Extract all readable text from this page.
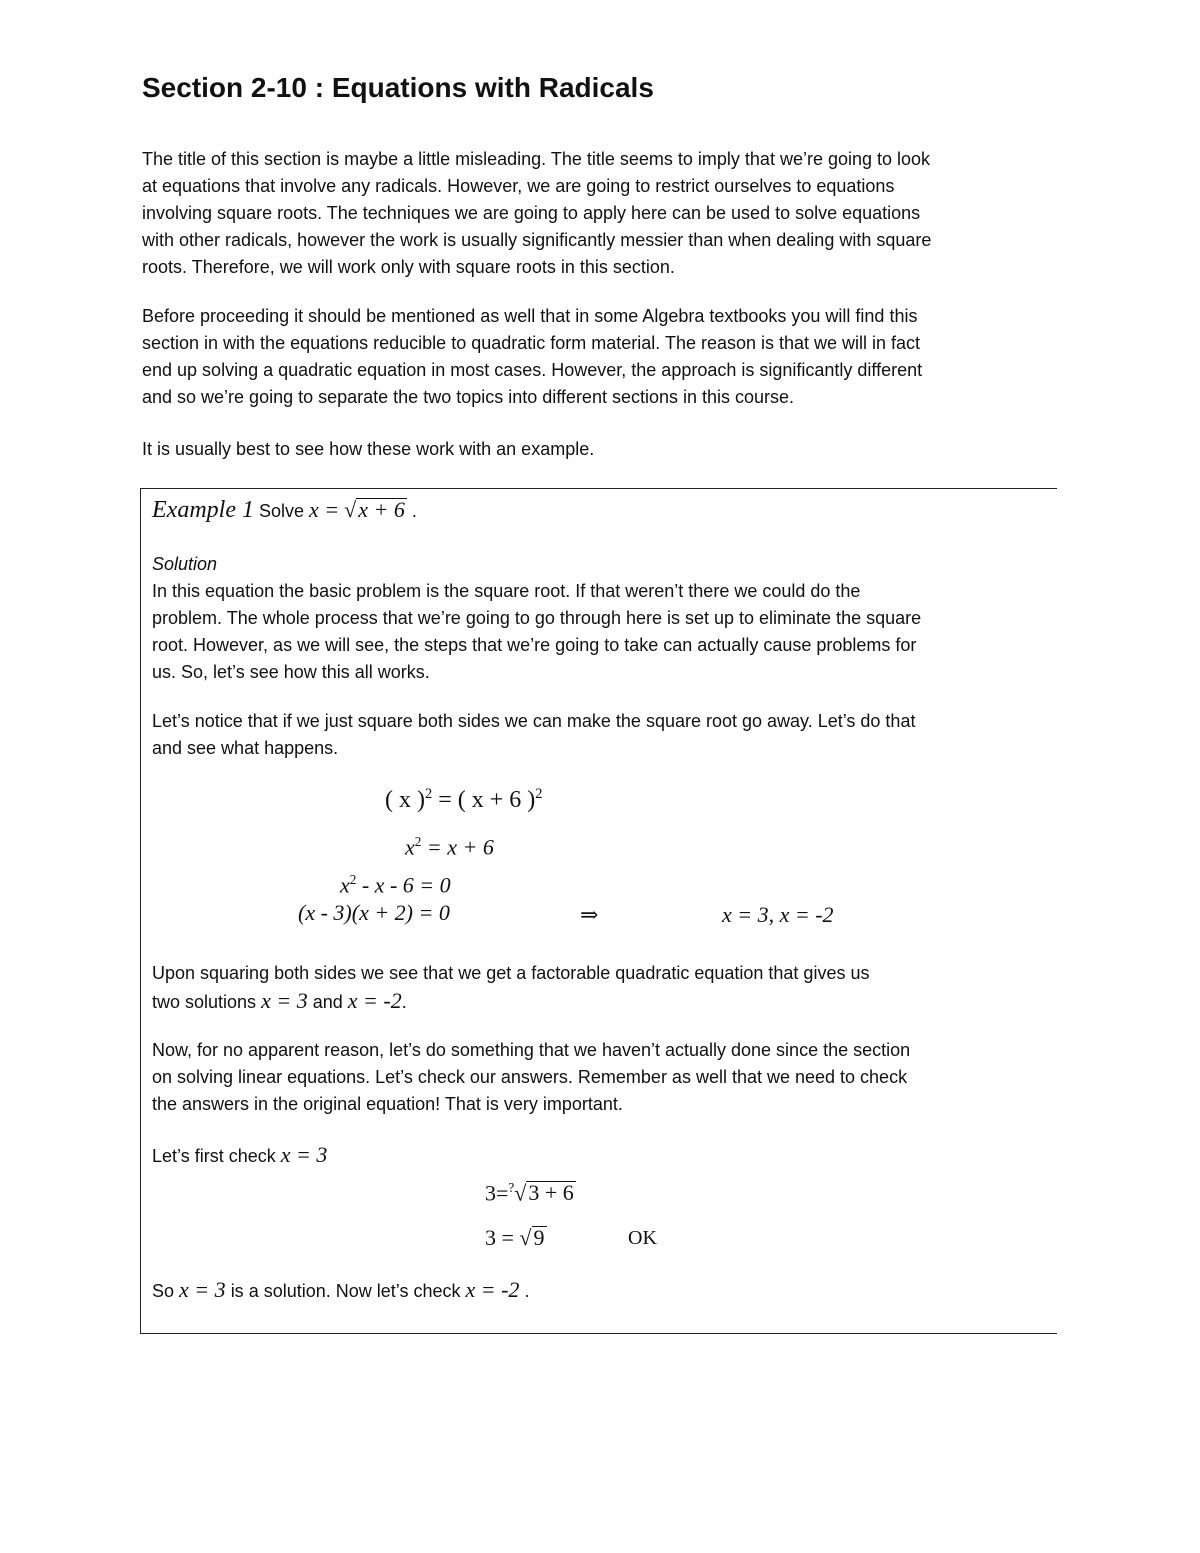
Section 2-10 : Equations with Radicals
The title of this section is maybe a little misleading. The title seems to imply that we’re going to look
at equations that involve any radicals. However, we are going to restrict ourselves to equations
involving square roots. The techniques we are going to apply here can be used to solve equations
with other radicals, however the work is usually significantly messier than when dealing with square
roots. Therefore, we will work only with square roots in this section.
Before proceeding it should be mentioned as well that in some Algebra textbooks you will find this
section in with the equations reducible to quadratic form material. The reason is that we will in fact
end up solving a quadratic equation in most cases. However, the approach is significantly different
and so we’re going to separate the two topics into different sections in this course.
It is usually best to see how these work with an example.
Example 1 Solve x = √x + 6 .
Solution
In this equation the basic problem is the square root. If that weren’t there we could do the
problem. The whole process that we’re going to go through here is set up to eliminate the square
root. However, as we will see, the steps that we’re going to take can actually cause problems for
us. So, let’s see how this all works.
Let’s notice that if we just square both sides we can make the square root go away. Let’s do that
and see what happens.
( x )$^2$ = ( x + 6 )$^2$
$x^2 = x + 6$
$x^2 - x - 6 = 0$
(x - 3)(x + 2) = 0	⇒	x = 3, x = -2
Upon squaring both sides we see that we get a factorable quadratic equation that gives us
two solutions x = 3 and x = -2.
Now, for no apparent reason, let’s do something that we haven’t actually done since the section
on solving linear equations. Let’s check our answers. Remember as well that we need to check
the answers in the original equation! That is very important.
Let’s first check x = 3
3=?√3 + 6
3 = √9	OK
So x = 3 is a solution. Now let’s check x = -2 .
